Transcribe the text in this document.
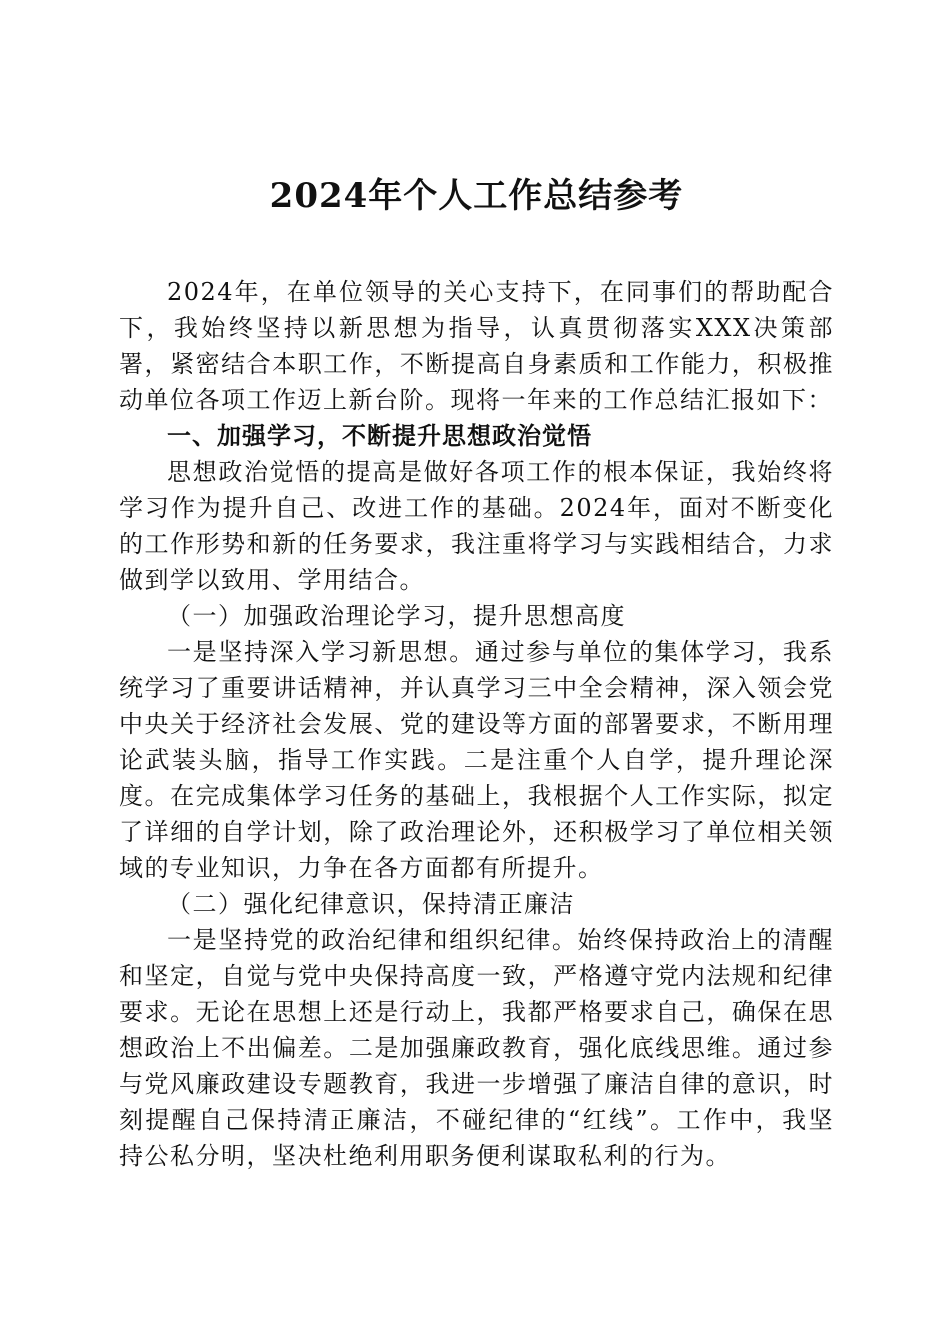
2024年个人工作总结参考

2024年，在单位领导的关心支持下，在同事们的帮助配合下，我始终坚持以新思想为指导，认真贯彻落实XXX决策部署，紧密结合本职工作，不断提高自身素质和工作能力，积极推动单位各项工作迈上新台阶。现将一年来的工作总结汇报如下：

一、加强学习，不断提升思想政治觉悟

思想政治觉悟的提高是做好各项工作的根本保证，我始终将学习作为提升自己、改进工作的基础。2024年，面对不断变化的工作形势和新的任务要求，我注重将学习与实践相结合，力求做到学以致用、学用结合。

（一）加强政治理论学习，提升思想高度

一是坚持深入学习新思想。通过参与单位的集体学习，我系统学习了重要讲话精神，并认真学习三中全会精神，深入领会党中央关于经济社会发展、党的建设等方面的部署要求，不断用理论武装头脑，指导工作实践。二是注重个人自学，提升理论深度。在完成集体学习任务的基础上，我根据个人工作实际，拟定了详细的自学计划，除了政治理论外，还积极学习了单位相关领域的专业知识，力争在各方面都有所提升。

（二）强化纪律意识，保持清正廉洁

一是坚持党的政治纪律和组织纪律。始终保持政治上的清醒和坚定，自觉与党中央保持高度一致，严格遵守党内法规和纪律要求。无论在思想上还是行动上，我都严格要求自己，确保在思想政治上不出偏差。二是加强廉政教育，强化底线思维。通过参与党风廉政建设专题教育，我进一步增强了廉洁自律的意识，时刻提醒自己保持清正廉洁，不碰纪律的“红线”。工作中，我坚持公私分明，坚决杜绝利用职务便利谋取私利的行为。
